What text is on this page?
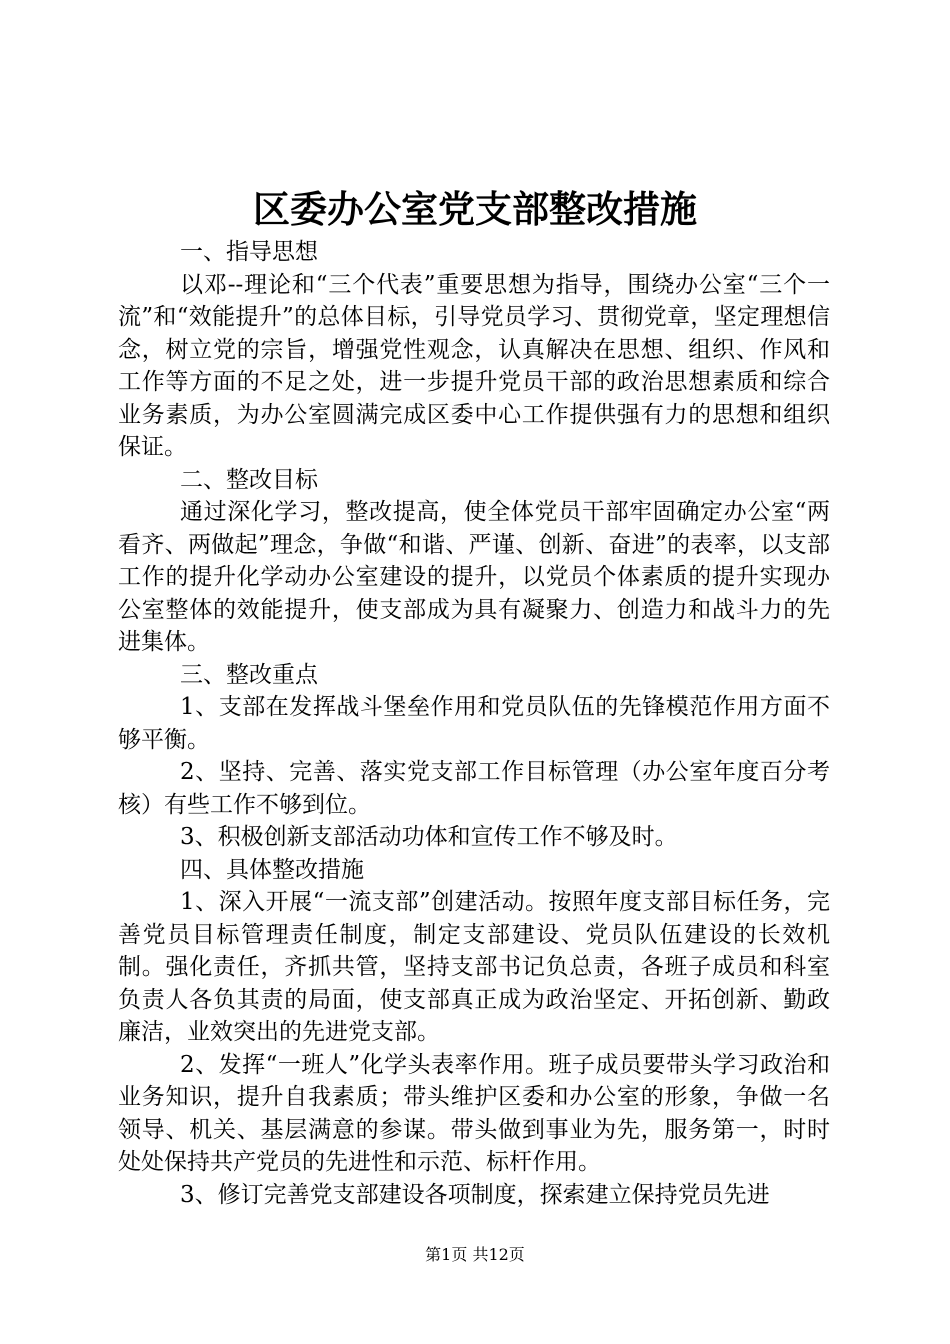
区委办公室党支部整改措施

一、指导思想

以邓--理论和“三个代表”重要思想为指导，围绕办公室“三个一流”和“效能提升”的总体目标，引导党员学习、贯彻党章，坚定理想信念，树立党的宗旨，增强党性观念，认真解决在思想、组织、作风和工作等方面的不足之处，进一步提升党员干部的政治思想素质和综合业务素质，为办公室圆满完成区委中心工作提供强有力的思想和组织保证。

二、整改目标

通过深化学习，整改提高，使全体党员干部牢固确定办公室“两看齐、两做起”理念，争做“和谐、严谨、创新、奋进”的表率，以支部工作的提升化学动办公室建设的提升，以党员个体素质的提升实现办公室整体的效能提升，使支部成为具有凝聚力、创造力和战斗力的先进集体。

三、整改重点

1、支部在发挥战斗堡垒作用和党员队伍的先锋模范作用方面不够平衡。

2、坚持、完善、落实党支部工作目标管理（办公室年度百分考核）有些工作不够到位。

3、积极创新支部活动功体和宣传工作不够及时。

四、具体整改措施

1、深入开展“一流支部”创建活动。按照年度支部目标任务，完善党员目标管理责任制度，制定支部建设、党员队伍建设的长效机制。强化责任，齐抓共管，坚持支部书记负总责，各班子成员和科室负责人各负其责的局面，使支部真正成为政治坚定、开拓创新、勤政廉洁，业效突出的先进党支部。

2、发挥“一班人”化学头表率作用。班子成员要带头学习政治和业务知识，提升自我素质；带头维护区委和办公室的形象，争做一名领导、机关、基层满意的参谋。带头做到事业为先，服务第一，时时处处保持共产党员的先进性和示范、标杆作用。

3、修订完善党支部建设各项制度，探索建立保持党员先进

第1页 共12页
